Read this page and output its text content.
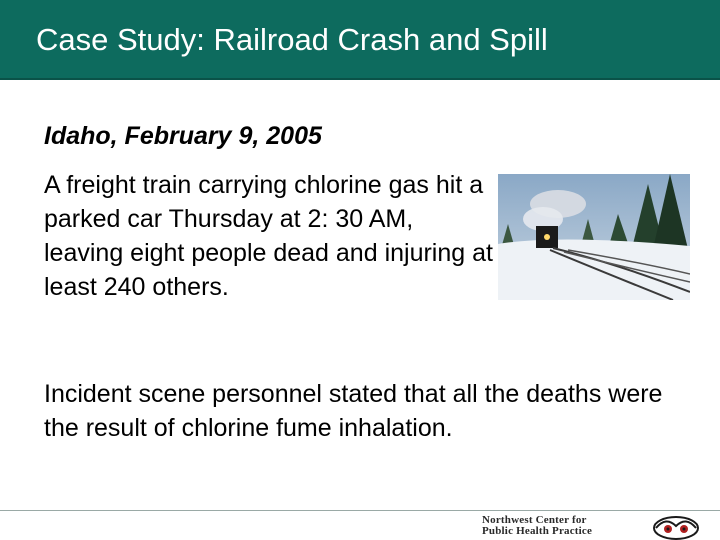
Case Study: Railroad Crash and Spill
Idaho, February 9, 2005
A freight train carrying chlorine gas hit a parked car Thursday at 2: 30 AM, leaving eight people dead and injuring at least 240 others.
Incident scene personnel stated that all the deaths were the result of chlorine fume inhalation.
Northwest Center for
Public Health Practice
